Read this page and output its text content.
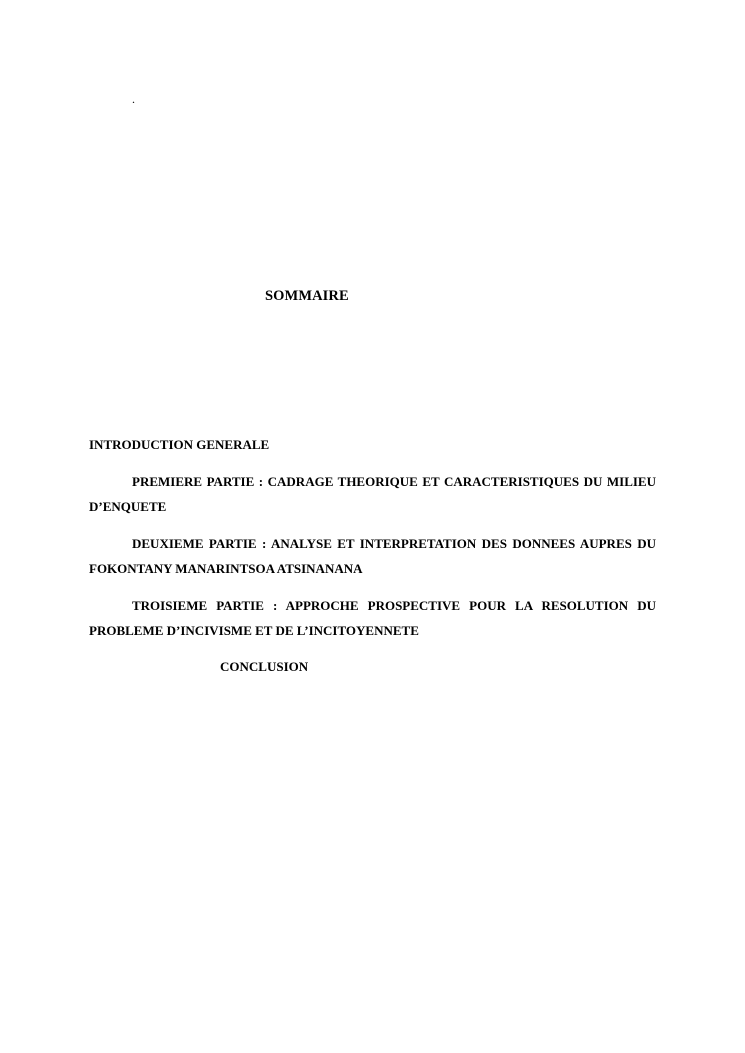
.
SOMMAIRE

INTRODUCTION GENERALE

PREMIERE PARTIE : CADRAGE THEORIQUE ET CARACTERISTIQUES DU MILIEU D’ENQUETE

DEUXIEME PARTIE : ANALYSE ET INTERPRETATION DES DONNEES AUPRES DU FOKONTANY MANARINTSOA ATSINANANA

TROISIEME PARTIE : APPROCHE PROSPECTIVE POUR LA RESOLUTION DU PROBLEME D’INCIVISME ET DE L’INCITOYENNETE

CONCLUSION
